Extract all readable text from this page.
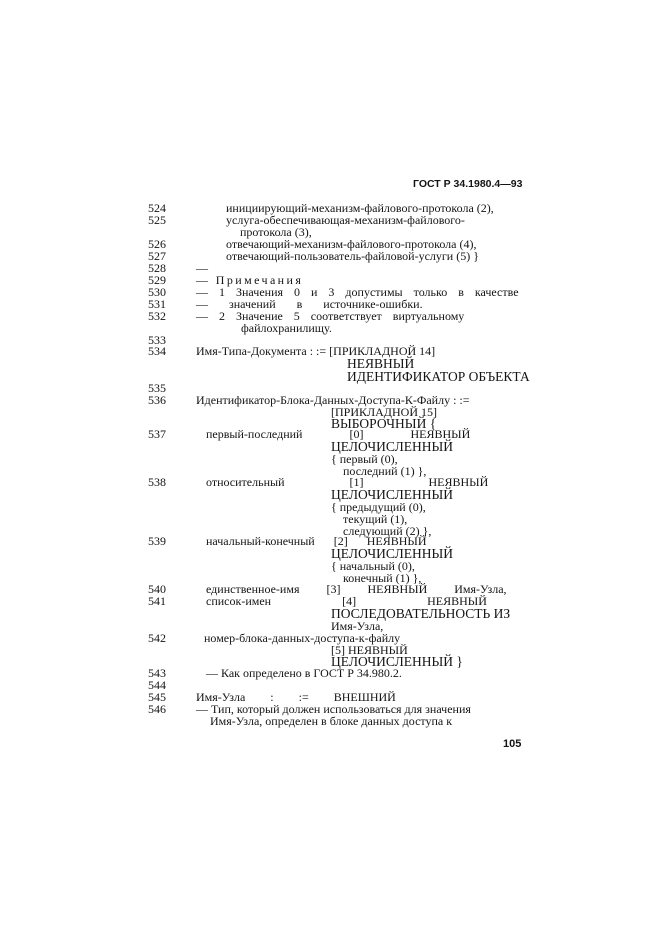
ГОСТ Р 34.1980.4—93
524	инициирующий-механизм-файлового-протокола (2),
525	услуга-обеспечивающая-механизм-файлового-
протокола (3),
526	отвечающий-механизм-файлового-протокола (4),
527	отвечающий-пользователь-файловой-услуги (5) }
528	—
529	— Примечания
530	— 1 Значения 0 и 3 допустимы только в качестве
531	— значений в источнике-ошибки.
532	— 2 Значение 5 соответствует виртуальному
файлохранилищу.
533
534	Имя-Типа-Документа : := [ПРИКЛАДНОЙ 14]
НЕЯВНЫЙ
ИДЕНТИФИКАТОР ОБЪЕКТА
535
536	Идентификатор-Блока-Данных-Доступа-К-Файлу : :=
[ПРИКЛАДНОЙ 15]
ВЫБОРОЧНЫЙ {
537	первый-последний [0] НЕЯВНЫЙ
ЦЕЛОЧИСЛЕННЫЙ
{ первый (0),
последний (1) },
538	относительный [1] НЕЯВНЫЙ
ЦЕЛОЧИСЛЕННЫЙ
{ предыдущий (0),
текущий (1),
следующий (2) },
539	начальный-конечный [2] НЕЯВНЫЙ
ЦЕЛОЧИСЛЕННЫЙ
{ начальный (0),
конечный (1) },
540	единственное-имя [3] НЕЯВНЫЙ Имя-Узла,
541	список-имен [4] НЕЯВНЫЙ
ПОСЛЕДОВАТЕЛЬНОСТЬ ИЗ
Имя-Узла,
542	номер-блока-данных-доступа-к-файлу
[5] НЕЯВНЫЙ
ЦЕЛОЧИСЛЕННЫЙ }
543	— Как определено в ГОСТ Р 34.980.2.
544
545	Имя-Узла : := ВНЕШНИЙ
546	— Тип, который должен использоваться для значения
Имя-Узла, определен в блоке данных доступа к
105
